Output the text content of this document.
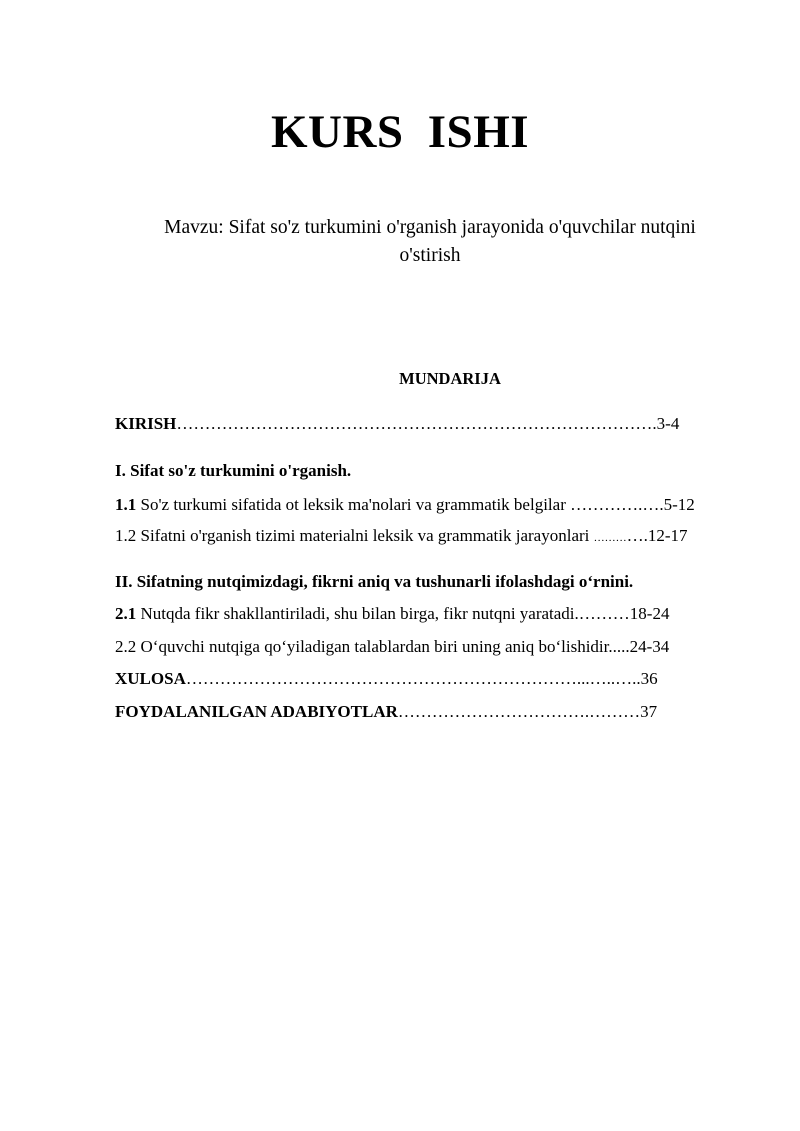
KURS ISHI
Mavzu: Sifat so'z turkumini o'rganish jarayonida o'quvchilar nutqini
o'stirish
MUNDARIJA
KIRISH………………………………………………………………………….3-4
I. Sifat so'z turkumini o'rganish.
1.1 So'z turkumi sifatida ot leksik ma'nolari va grammatik belgilar ………….….5-12
1.2 Sifatni o'rganish tizimi materialni leksik va grammatik jarayonlari ………….12-17
II. Sifatning nutqimizdagi, fikrni aniq va tushunarli ifolashdagi o‘rnini.
2.1 Nutqda fikr shakllantiriladi, shu bilan birga, fikr nutqni yaratadi.………18-24
2.2 O‘quvchi nutqiga qo‘yiladigan talablardan biri uning aniq bo‘lishidir.....24-34
XULOSA……………………………………………………………...…..…..36
FOYDALANILGAN ADABIYOTLAR…………………………….………37
